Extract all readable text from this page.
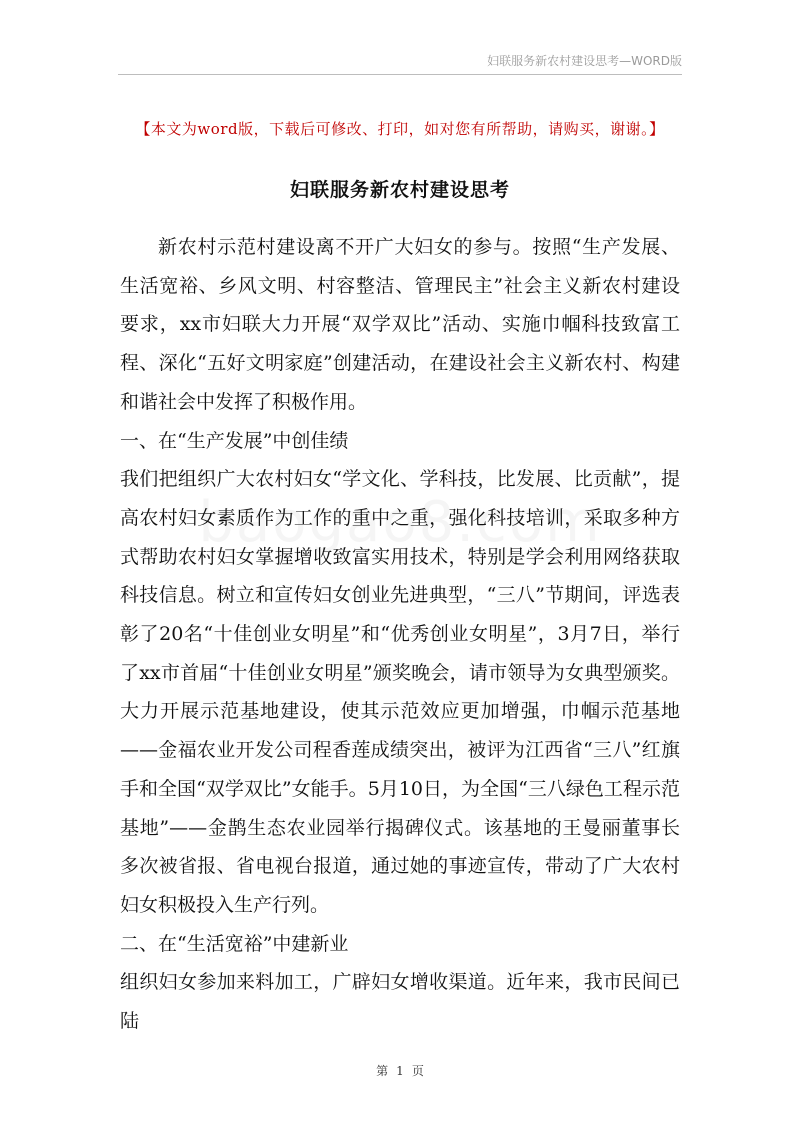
妇联服务新农村建设思考—WORD版
【本文为word版，下载后可修改、打印，如对您有所帮助，请购买，谢谢。】
妇联服务新农村建设思考

新农村示范村建设离不开广大妇女的参与。按照“生产发展、生活宽裕、乡风文明、村容整洁、管理民主”社会主义新农村建设要求，xx市妇联大力开展“双学双比”活动、实施巾帼科技致富工程、深化“五好文明家庭”创建活动，在建设社会主义新农村、构建和谐社会中发挥了积极作用。

一、在“生产发展”中创佳绩

我们把组织广大农村妇女“学文化、学科技，比发展、比贡献”，提高农村妇女素质作为工作的重中之重，强化科技培训，采取多种方式帮助农村妇女掌握增收致富实用技术，特别是学会利用网络获取科技信息。树立和宣传妇女创业先进典型，“三八”节期间，评选表彰了20名“十佳创业女明星”和“优秀创业女明星”，3月7日，举行了xx市首届“十佳创业女明星”颁奖晚会，请市领导为女典型颁奖。大力开展示范基地建设，使其示范效应更加增强，巾帼示范基地——金福农业开发公司程香莲成绩突出，被评为江西省“三八”红旗手和全国“双学双比”女能手。5月10日，为全国“三八绿色工程示范基地”——金鹊生态农业园举行揭碑仪式。该基地的王曼丽董事长多次被省报、省电视台报道，通过她的事迹宣传，带动了广大农村妇女积极投入生产行列。

二、在“生活宽裕”中建新业

组织妇女参加来料加工，广辟妇女增收渠道。近年来，我市民间已陆

第 1 页
